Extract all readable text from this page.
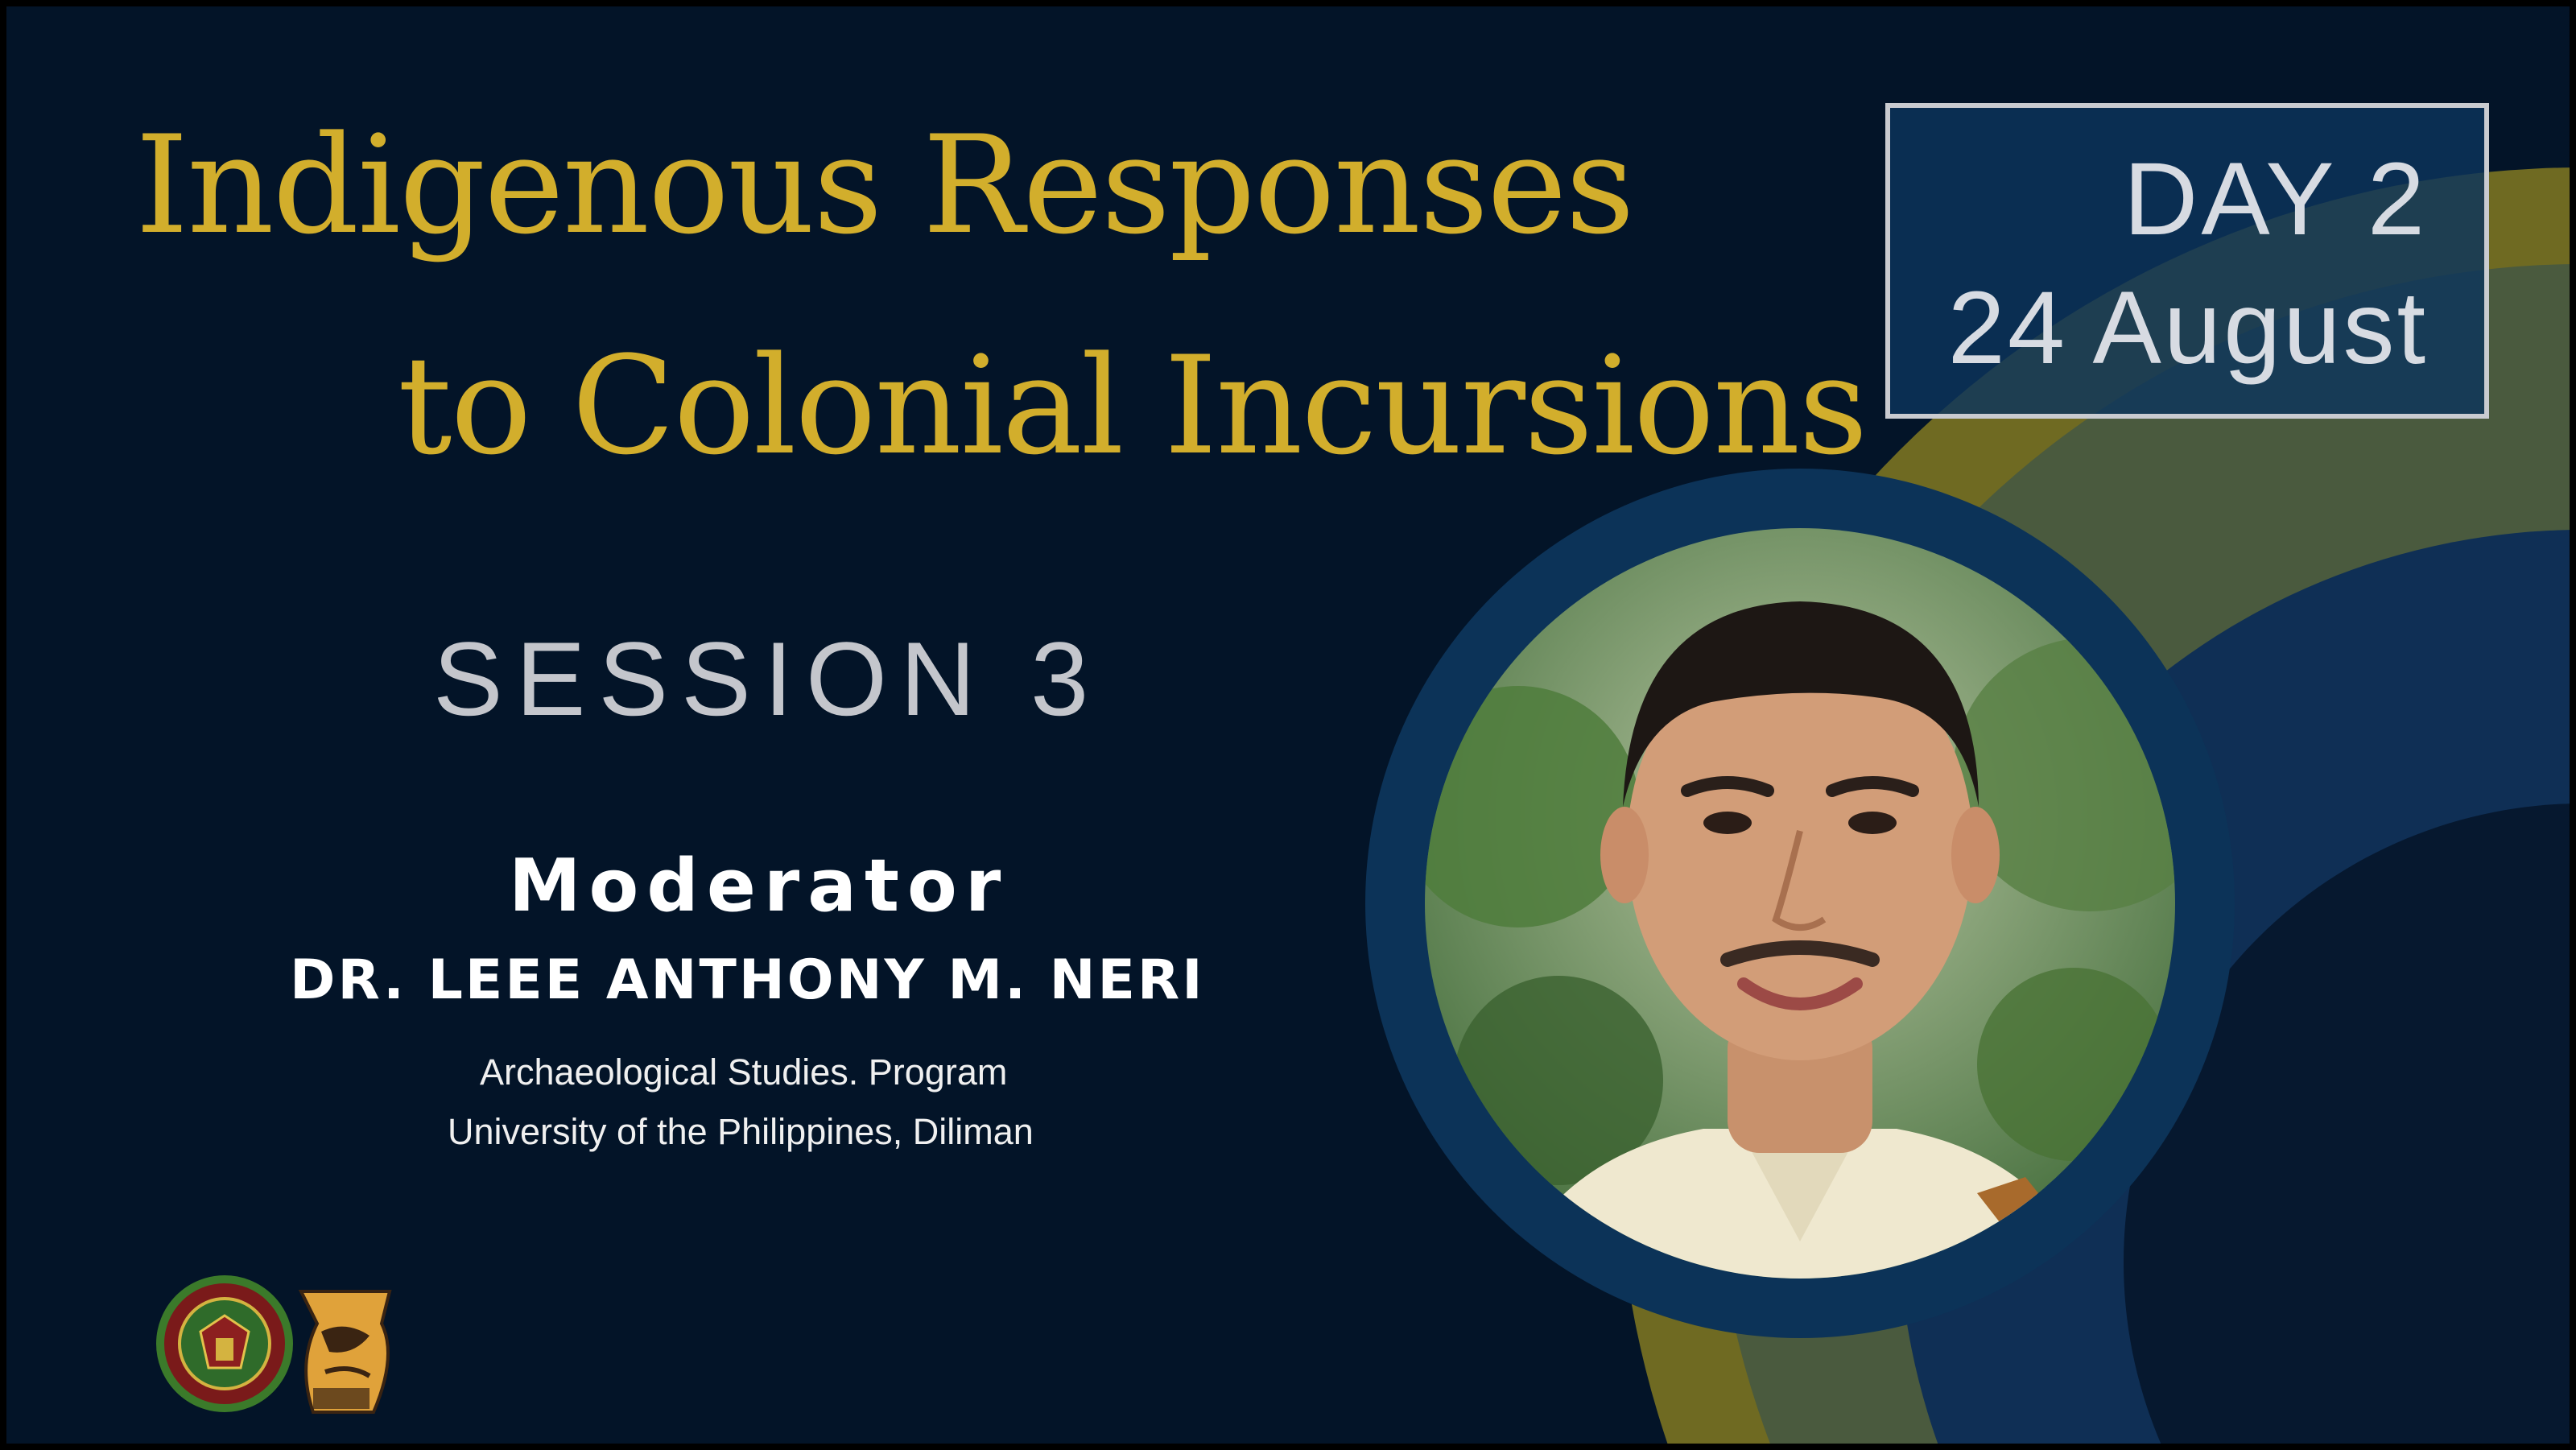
Indigenous Responses
to Colonial Incursions
DAY 2
24 August
SESSION 3
Moderator
DR. LEEE ANTHONY M. NERI
Archaeological Studies. Program
University of the Philippines, Diliman
